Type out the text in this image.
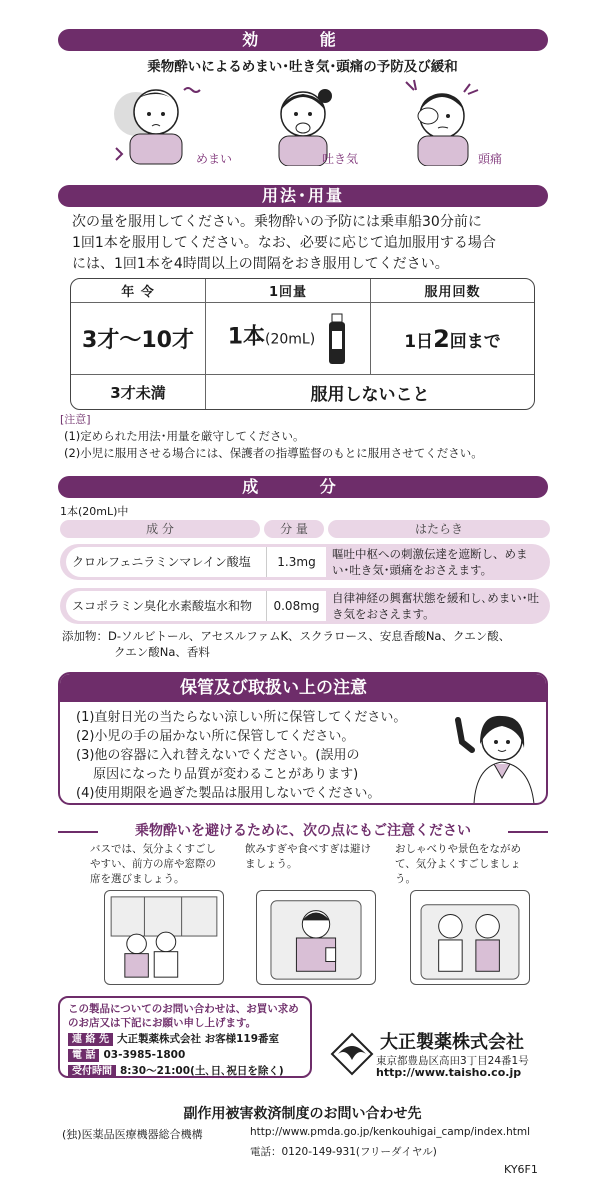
効 能
乗物酔いによるめまい･吐き気･頭痛の予防及び緩和
めまい	吐き気	頭痛
用法･用量
次の量を服用してください。乗物酔いの予防には乗車船30分前に
1回1本を服用してください。なお、必要に応じて追加服用する場合
には、1回1本を4時間以上の間隔をおき服用してください。
年 令	1回量	服用回数
3才～10才	1本(20mL)	1日2回まで
3才未満	服用しないこと	
[注意]
(1)定められた用法･用量を厳守してください。
(2)小児に服用させる場合には、保護者の指導監督のもとに服用させてください。
成 分
1本(20mL)中
成 分	分 量	はたらき
クロルフェニラミンマレイン酸塩	1.3mg
嘔吐中枢への刺激伝達を遮断し、めまい･吐き気･頭痛をおさえます。
スコポラミン臭化水素酸塩水和物	0.08mg
自律神経の興奮状態を緩和し､めまい･吐き気をおさえます。
添加物：D-ソルビトール、アセスルファムK、スクラロース、安息香酸Na、クエン酸、
クエン酸Na、香料
保管及び取扱い上の注意
(1)直射日光の当たらない涼しい所に保管してください。
(2)小児の手の届かない所に保管してください。
(3)他の容器に入れ替えないでください。(誤用の
　 原因になったり品質が変わることがあります)
(4)使用期限を過ぎた製品は服用しないでください。
乗物酔いを避けるために、次の点にもご注意ください
バスでは、気分よくすごしやすい、前方の席や窓際の席を選びましょう。
飲みすぎや食べすぎは避けましょう。
おしゃべりや景色をながめて、気分よくすごしましょう。
この製品についてのお問い合わせは、お買い求めのお店又は下記にお願い申し上げます。
連 絡 先 大正製薬株式会社 お客様119番室
電 話 03-3985-1800
受付時間 8:30～21:00(土､日､祝日を除く)
大正製薬株式会社
東京都豊島区高田3丁目24番1号
http://www.taisho.co.jp
副作用被害救済制度のお問い合わせ先
(独)医薬品医療機器総合機構	http://www.pmda.go.jp/kenkouhigai_camp/index.html
電話：0120-149-931(フリーダイヤル)
KY6F1
